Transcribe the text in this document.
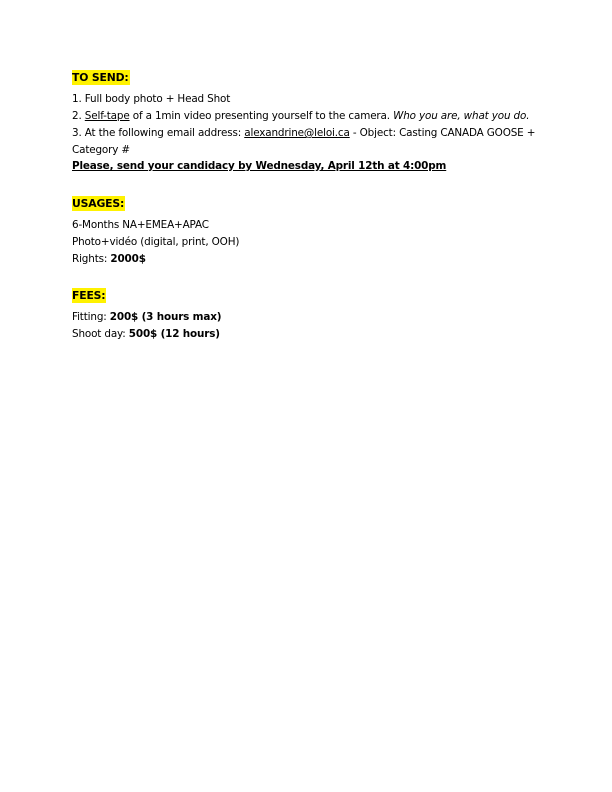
TO SEND:
1. Full body photo + Head Shot
2. Self-tape of a 1min video presenting yourself to the camera. Who you are, what you do.
3. At the following email address: alexandrine@leloi.ca - Object: Casting CANADA GOOSE + Category #
Please, send your candidacy by Wednesday, April 12th at 4:00pm
USAGES:
6-Months NA+EMEA+APAC
Photo+vidéo (digital, print, OOH)
Rights: 2000$
FEES:
Fitting: 200$ (3 hours max)
Shoot day: 500$ (12 hours)
